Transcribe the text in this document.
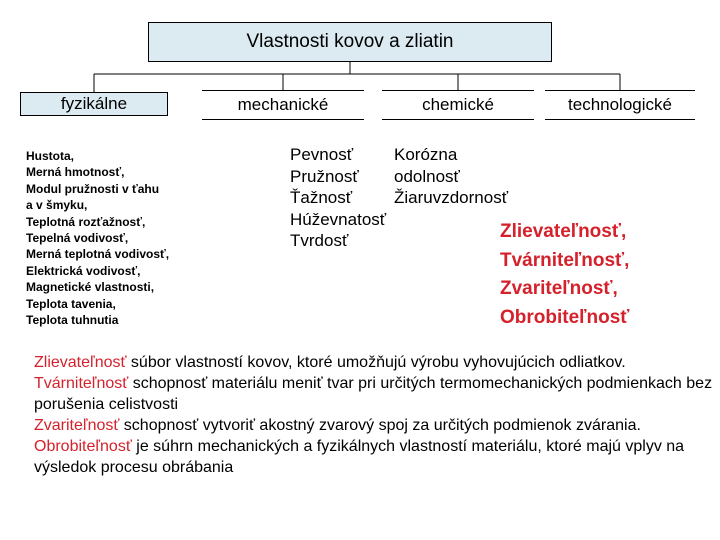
Vlastnosti kovov a zliatin
fyzikálne	mechanické	chemické	technologické
Hustota,
Merná hmotnosť,
Modul pružnosti v ťahu
a v šmyku,
Teplotná rozťažnosť,
Tepelná vodivosť,
Merná teplotná vodivosť,
Elektrická vodivosť,
Magnetické vlastnosti,
Teplota tavenia,
Teplota tuhnutia
Pevnosť
Pružnosť
Ťažnosť
Húževnatosť
Tvrdosť
Korózna
odolnosť
Žiaruvzdornosť
Zlievateľnosť,
Tvárniteľnosť,
Zvariteľnosť,
Obrobiteľnosť

Zlievateľnosť súbor vlastností kovov, ktoré umožňujú výrobu vyhovujúcich odliatkov.
Tvárniteľnosť schopnosť materiálu meniť tvar pri určitých termomechanických podmienkach bez porušenia celistvosti
Zvariteľnosť schopnosť vytvoriť akostný zvarový spoj za určitých podmienok zvárania.
Obrobiteľnosť je súhrn mechanických a fyzikálnych vlastností materiálu, ktoré majú vplyv na výsledok procesu obrábania
